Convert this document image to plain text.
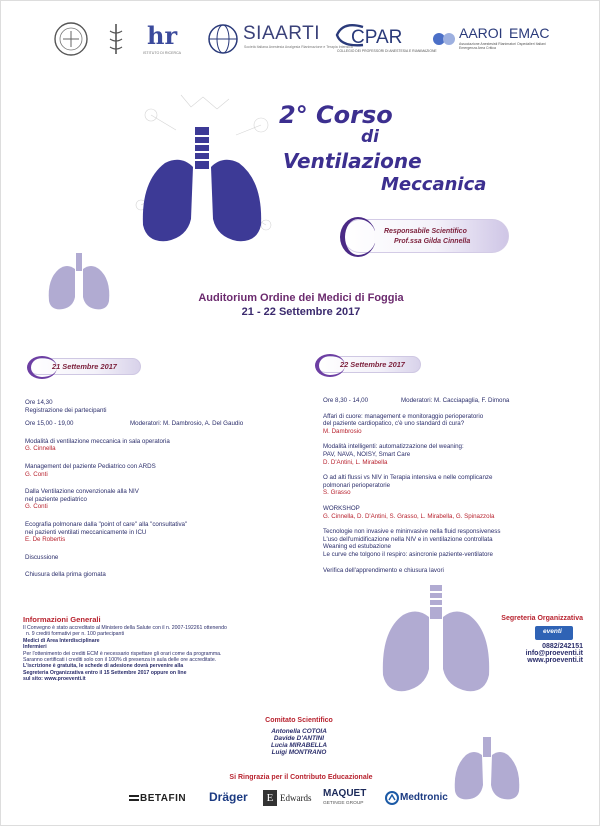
hr
ISTITUTO DI RICERCA
SIAARTI
Società Italiana Anestesia Analgesia Rianimazione e Terapia Intensiva
CPAR
COLLEGIO DEI PROFESSORI DI ANESTESIA E RIANIMAZIONE
AAROI EMAC
Associazione Anestesisti Rianimatori Ospedalieri Italiani Emergenza Area Critica
2° Corso
di
Ventilazione
Meccanica
Responsabile Scientifico
Prof.ssa Gilda Cinnella
Auditorium Ordine dei Medici di Foggia
21 - 22 Settembre 2017
21 Settembre 2017
Ore 14,30
Registrazione dei partecipanti
Ore 15,00 - 19,00	Moderatori: M. Dambrosio, A. Del Gaudio
Modalità di ventilazione meccanica in sala operatoria
G. Cinnella
Management del paziente Pediatrico con ARDS
G. Conti
Dalla Ventilazione convenzionale alla NIV
nel paziente pediatrico
G. Conti
Ecografia polmonare dalla "point of care" alla "consultativa"
nei pazienti ventilati meccanicamente in ICU
E. De Robertis
Discussione
Chiusura della prima giornata
22 Settembre 2017
Ore 8,30 - 14,00	Moderatori: M. Cacciapaglia, F. Dimona
Affari di cuore: management e monitoraggio perioperatorio
del paziente cardiopatico, c'è uno standard di cura?
M. Dambrosio
Modalità intelligenti: automatizzazione del weaning:
PAV, NAVA, NOISY, Smart Care
D. D'Antini, L. Mirabella
O ad alti flussi vs NIV in Terapia intensiva e nelle complicanze
polmonari perioperatorie
S. Grasso
WORKSHOP
G. Cinnella, D. D'Antini, S. Grasso, L. Mirabella, G. Spinazzola
Tecnologie non invasive e mininvasive nella fluid responsiveness
L'uso dell'umidificazione nella NIV e in ventilazione controllata
Weaning ed estubazione
Le curve che tolgono il respiro: asincronie paziente-ventilatore
Verifica dell'apprendimento e chiusura lavori
Informazioni Generali
Il Convegno è stato accreditato al Ministero della Salute con il n. 2007-192261 ottenendo
n. 9 crediti formativi per n. 100 partecipanti
Medici di Area Interdisciplinare
Infermieri
Per l'ottenimento dei crediti ECM è necessario rispettare gli orari come da programma.
Saranno certificati i crediti solo con il 100% di presenza in aula delle ore accreditate.
L'iscrizione è gratuita, le schede di adesione dovrà pervenire alla
Segreteria Organizzativa entro il 15 Settembre 2017 oppure on line
sul sito: www.proeventi.it
Segreteria Organizzativa
eventi
0882/242151
info@proeventi.it
www.proeventi.it
Comitato Scientifico
Antonella COTOIA
Davide D'ANTINI
Lucia MIRABELLA
Luigi MONTRANO
Si Ringrazia per il Contributo Educazionale
BETAFIN Dräger	E Edwards MAQUET
GETINGE GROUP
Medtronic
